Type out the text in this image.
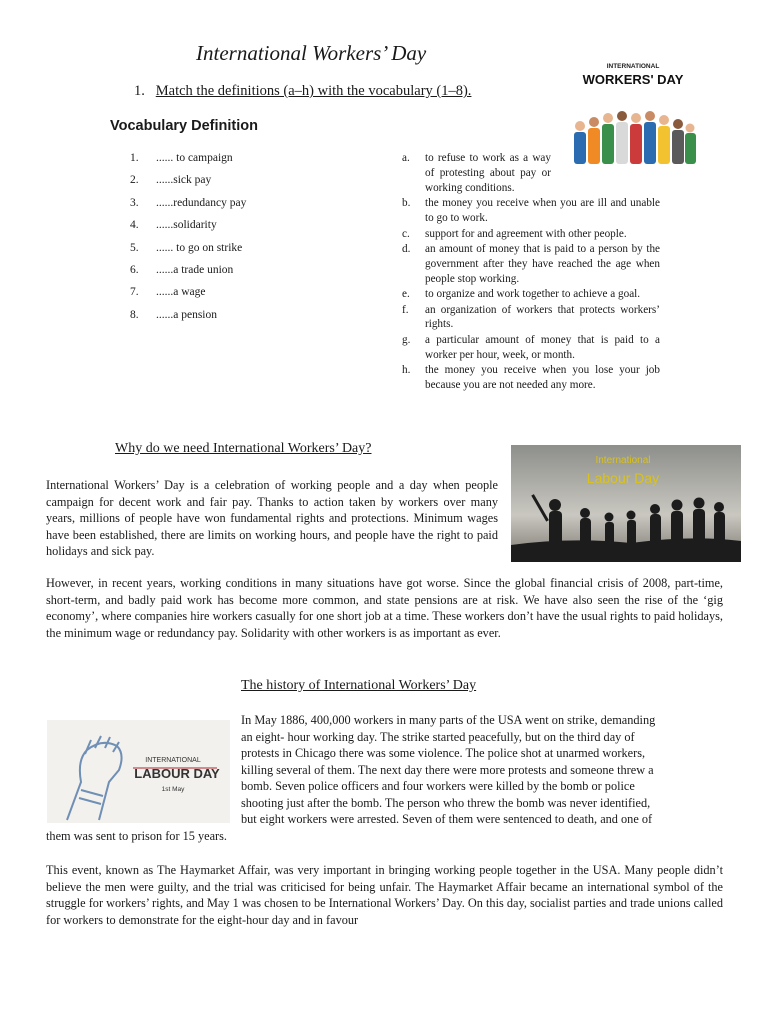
International Workers’ Day
1. Match the definitions (a–h) with the vocabulary (1–8).
Vocabulary Definition
1.	...... to campaign
2.	......sick pay
3.	......redundancy pay
4.	......solidarity
5.	...... to go on strike
6.	......a trade union
7.	......a wage
8.	......a pension
a.	to refuse to work as a way of protesting about pay or working conditions.
b.	the money you receive when you are ill and unable to go to work.
c.	support for and agreement with other people.
d.	an amount of money that is paid to a person by the government after they have reached the age when people stop working.
e.	to organize and work together to achieve a goal.
f.	an organization of workers that protects workers’ rights.
g.	a particular amount of money that is paid to a worker per hour, week, or month.
h.	the money you receive when you lose your job because you are not needed any more.
INTERNATIONAL
WORKERS' DAY
Why do we need International Workers’ Day?
International
Labour Day

International Workers’ Day is a celebration of working people and a day when people campaign for decent work and fair pay. Thanks to action taken by workers over many years, millions of people have won fundamental rights and protections. Minimum wages have been established, there are limits on working hours, and people have the right to paid holidays and sick pay.

However, in recent years, working conditions in many situations have got worse. Since the global financial crisis of 2008, part-time, short-term, and badly paid work has become more common, and state pensions are at risk. We have also seen the rise of the ‘gig economy’, where companies hire workers casually for one short job at a time. These workers don’t have the usual rights to paid holidays, the minimum wage or redundancy pay. Solidarity with other workers is as important as ever.

The history of International Workers’ Day
INTERNATIONAL
LABOUR DAY
1st May
In May 1886, 400,000 workers in many parts of the USA went on strike, demanding
an eight- hour working day. The strike started peacefully, but on the third day of
protests in Chicago there was some violence. The police shot at unarmed workers,
killing several of them. The next day there were more protests and someone threw a
bomb. Seven police officers and four workers were killed by the bomb or police
shooting just after the bomb. The person who threw the bomb was never identified,
but eight workers were arrested. Seven of them were sentenced to death, and one of
them was sent to prison for 15 years.

This event, known as The Haymarket Affair, was very important in bringing working people together in the USA. Many people didn’t believe the men were guilty, and the trial was criticised for being unfair. The Haymarket Affair became an international symbol of the struggle for workers’ rights, and May 1 was chosen to be International Workers’ Day. On this day, socialist parties and trade unions called for workers to demonstrate for the eight-hour day and in favour
